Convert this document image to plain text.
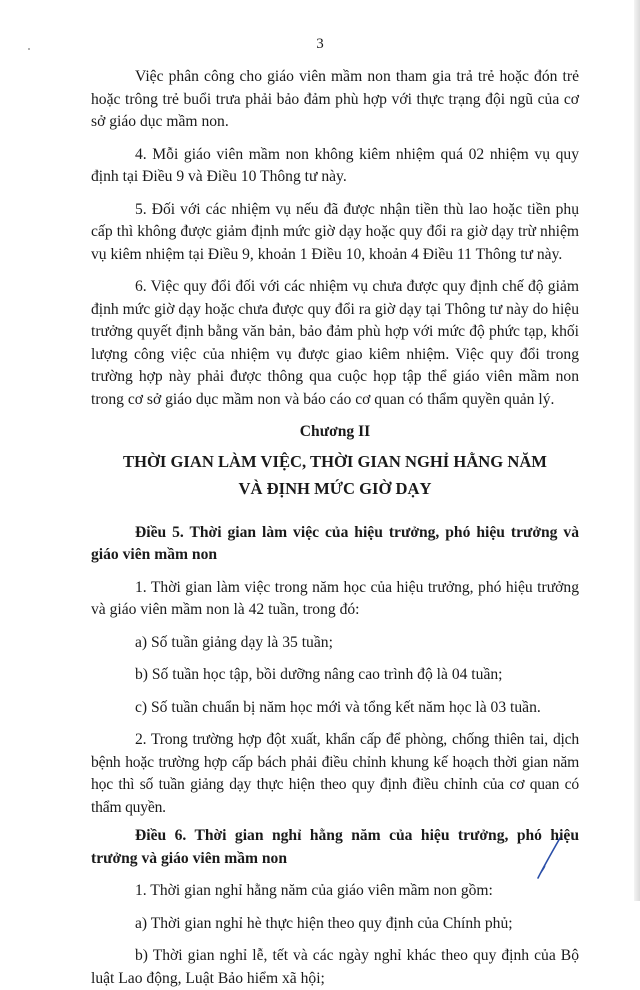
3

Việc phân công cho giáo viên mầm non tham gia trả trẻ hoặc đón trẻ hoặc trông trẻ buổi trưa phải bảo đảm phù hợp với thực trạng đội ngũ của cơ sở giáo dục mầm non.

4. Mỗi giáo viên mầm non không kiêm nhiệm quá 02 nhiệm vụ quy định tại Điều 9 và Điều 10 Thông tư này.

5. Đối với các nhiệm vụ nếu đã được nhận tiền thù lao hoặc tiền phụ cấp thì không được giảm định mức giờ dạy hoặc quy đổi ra giờ dạy trừ nhiệm vụ kiêm nhiệm tại Điều 9, khoản 1 Điều 10, khoản 4 Điều 11 Thông tư này.

6. Việc quy đổi đối với các nhiệm vụ chưa được quy định chế độ giảm định mức giờ dạy hoặc chưa được quy đổi ra giờ dạy tại Thông tư này do hiệu trưởng quyết định bằng văn bản, bảo đảm phù hợp với mức độ phức tạp, khối lượng công việc của nhiệm vụ được giao kiêm nhiệm. Việc quy đổi trong trường hợp này phải được thông qua cuộc họp tập thể giáo viên mầm non trong cơ sở giáo dục mầm non và báo cáo cơ quan có thẩm quyền quản lý.

Chương II

THỜI GIAN LÀM VIỆC, THỜI GIAN NGHỈ HẰNG NĂM

VÀ ĐỊNH MỨC GIỜ DẠY

Điều 5. Thời gian làm việc của hiệu trưởng, phó hiệu trưởng và giáo viên mầm non

1. Thời gian làm việc trong năm học của hiệu trưởng, phó hiệu trưởng và giáo viên mầm non là 42 tuần, trong đó:

a) Số tuần giảng dạy là 35 tuần;

b) Số tuần học tập, bồi dưỡng nâng cao trình độ là 04 tuần;

c) Số tuần chuẩn bị năm học mới và tổng kết năm học là 03 tuần.

2. Trong trường hợp đột xuất, khẩn cấp để phòng, chống thiên tai, dịch bệnh hoặc trường hợp cấp bách phải điều chỉnh khung kế hoạch thời gian năm học thì số tuần giảng dạy thực hiện theo quy định điều chỉnh của cơ quan có thẩm quyền.

Điều 6. Thời gian nghỉ hằng năm của hiệu trưởng, phó hiệu trưởng và giáo viên mầm non

1. Thời gian nghỉ hằng năm của giáo viên mầm non gồm:

a) Thời gian nghỉ hè thực hiện theo quy định của Chính phủ;

b) Thời gian nghỉ lễ, tết và các ngày nghỉ khác theo quy định của Bộ luật Lao động, Luật Bảo hiểm xã hội;
